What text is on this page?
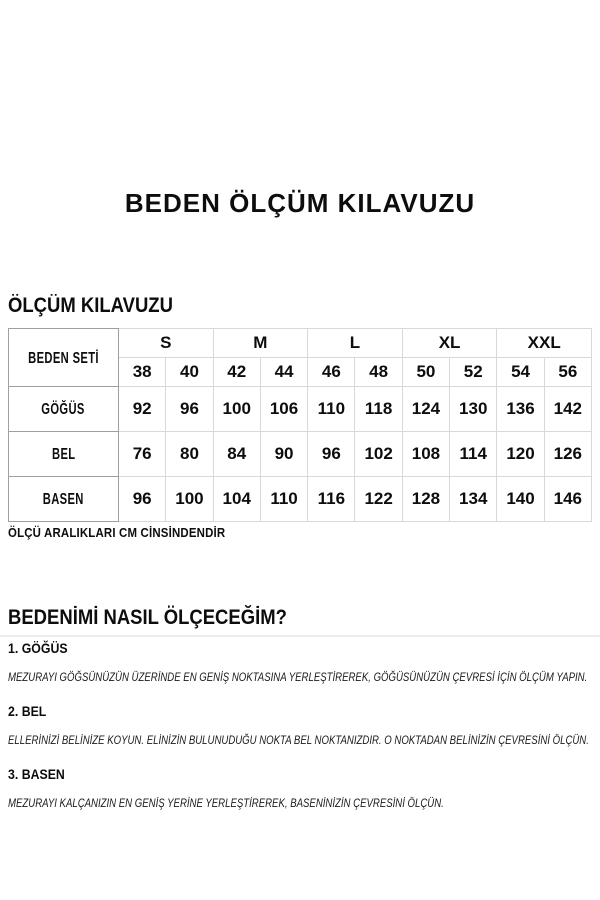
BEDEN ÖLÇÜM KILAVUZU
ÖLÇÜM KILAVUZU
BEDEN SETİ	S		M		L		XL		XXL	
	38	40	42	44	46	48	50	52	54	56
GÖĞÜS	92	96	100	106	110	118	124	130	136	142
BEL	76	80	84	90	96	102	108	114	120	126
BASEN	96	100	104	110	116	122	128	134	140	146
ÖLÇÜ ARALIKLARI CM CİNSİNDENDİR
BEDENİMİ NASIL ÖLÇECEĞİM?
1. GÖĞÜS

MEZURAYI GÖĞSÜNÜZÜN ÜZERİNDE EN GENİŞ NOKTASINA YERLEŞTİREREK, GÖĞÜSÜNÜZÜN ÇEVRESİ İÇİN ÖLÇÜM YAPIN.

2. BEL

ELLERİNİZİ BELİNİZE KOYUN. ELİNİZİN BULUNUDUĞU NOKTA BEL NOKTANIZDIR. O NOKTADAN BELİNİZİN ÇEVRESİNİ ÖLÇÜN.

3. BASEN

MEZURAYI KALÇANIZIN EN GENİŞ YERİNE YERLEŞTİREREK, BASENİNİZİN ÇEVRESİNİ ÖLÇÜN.
